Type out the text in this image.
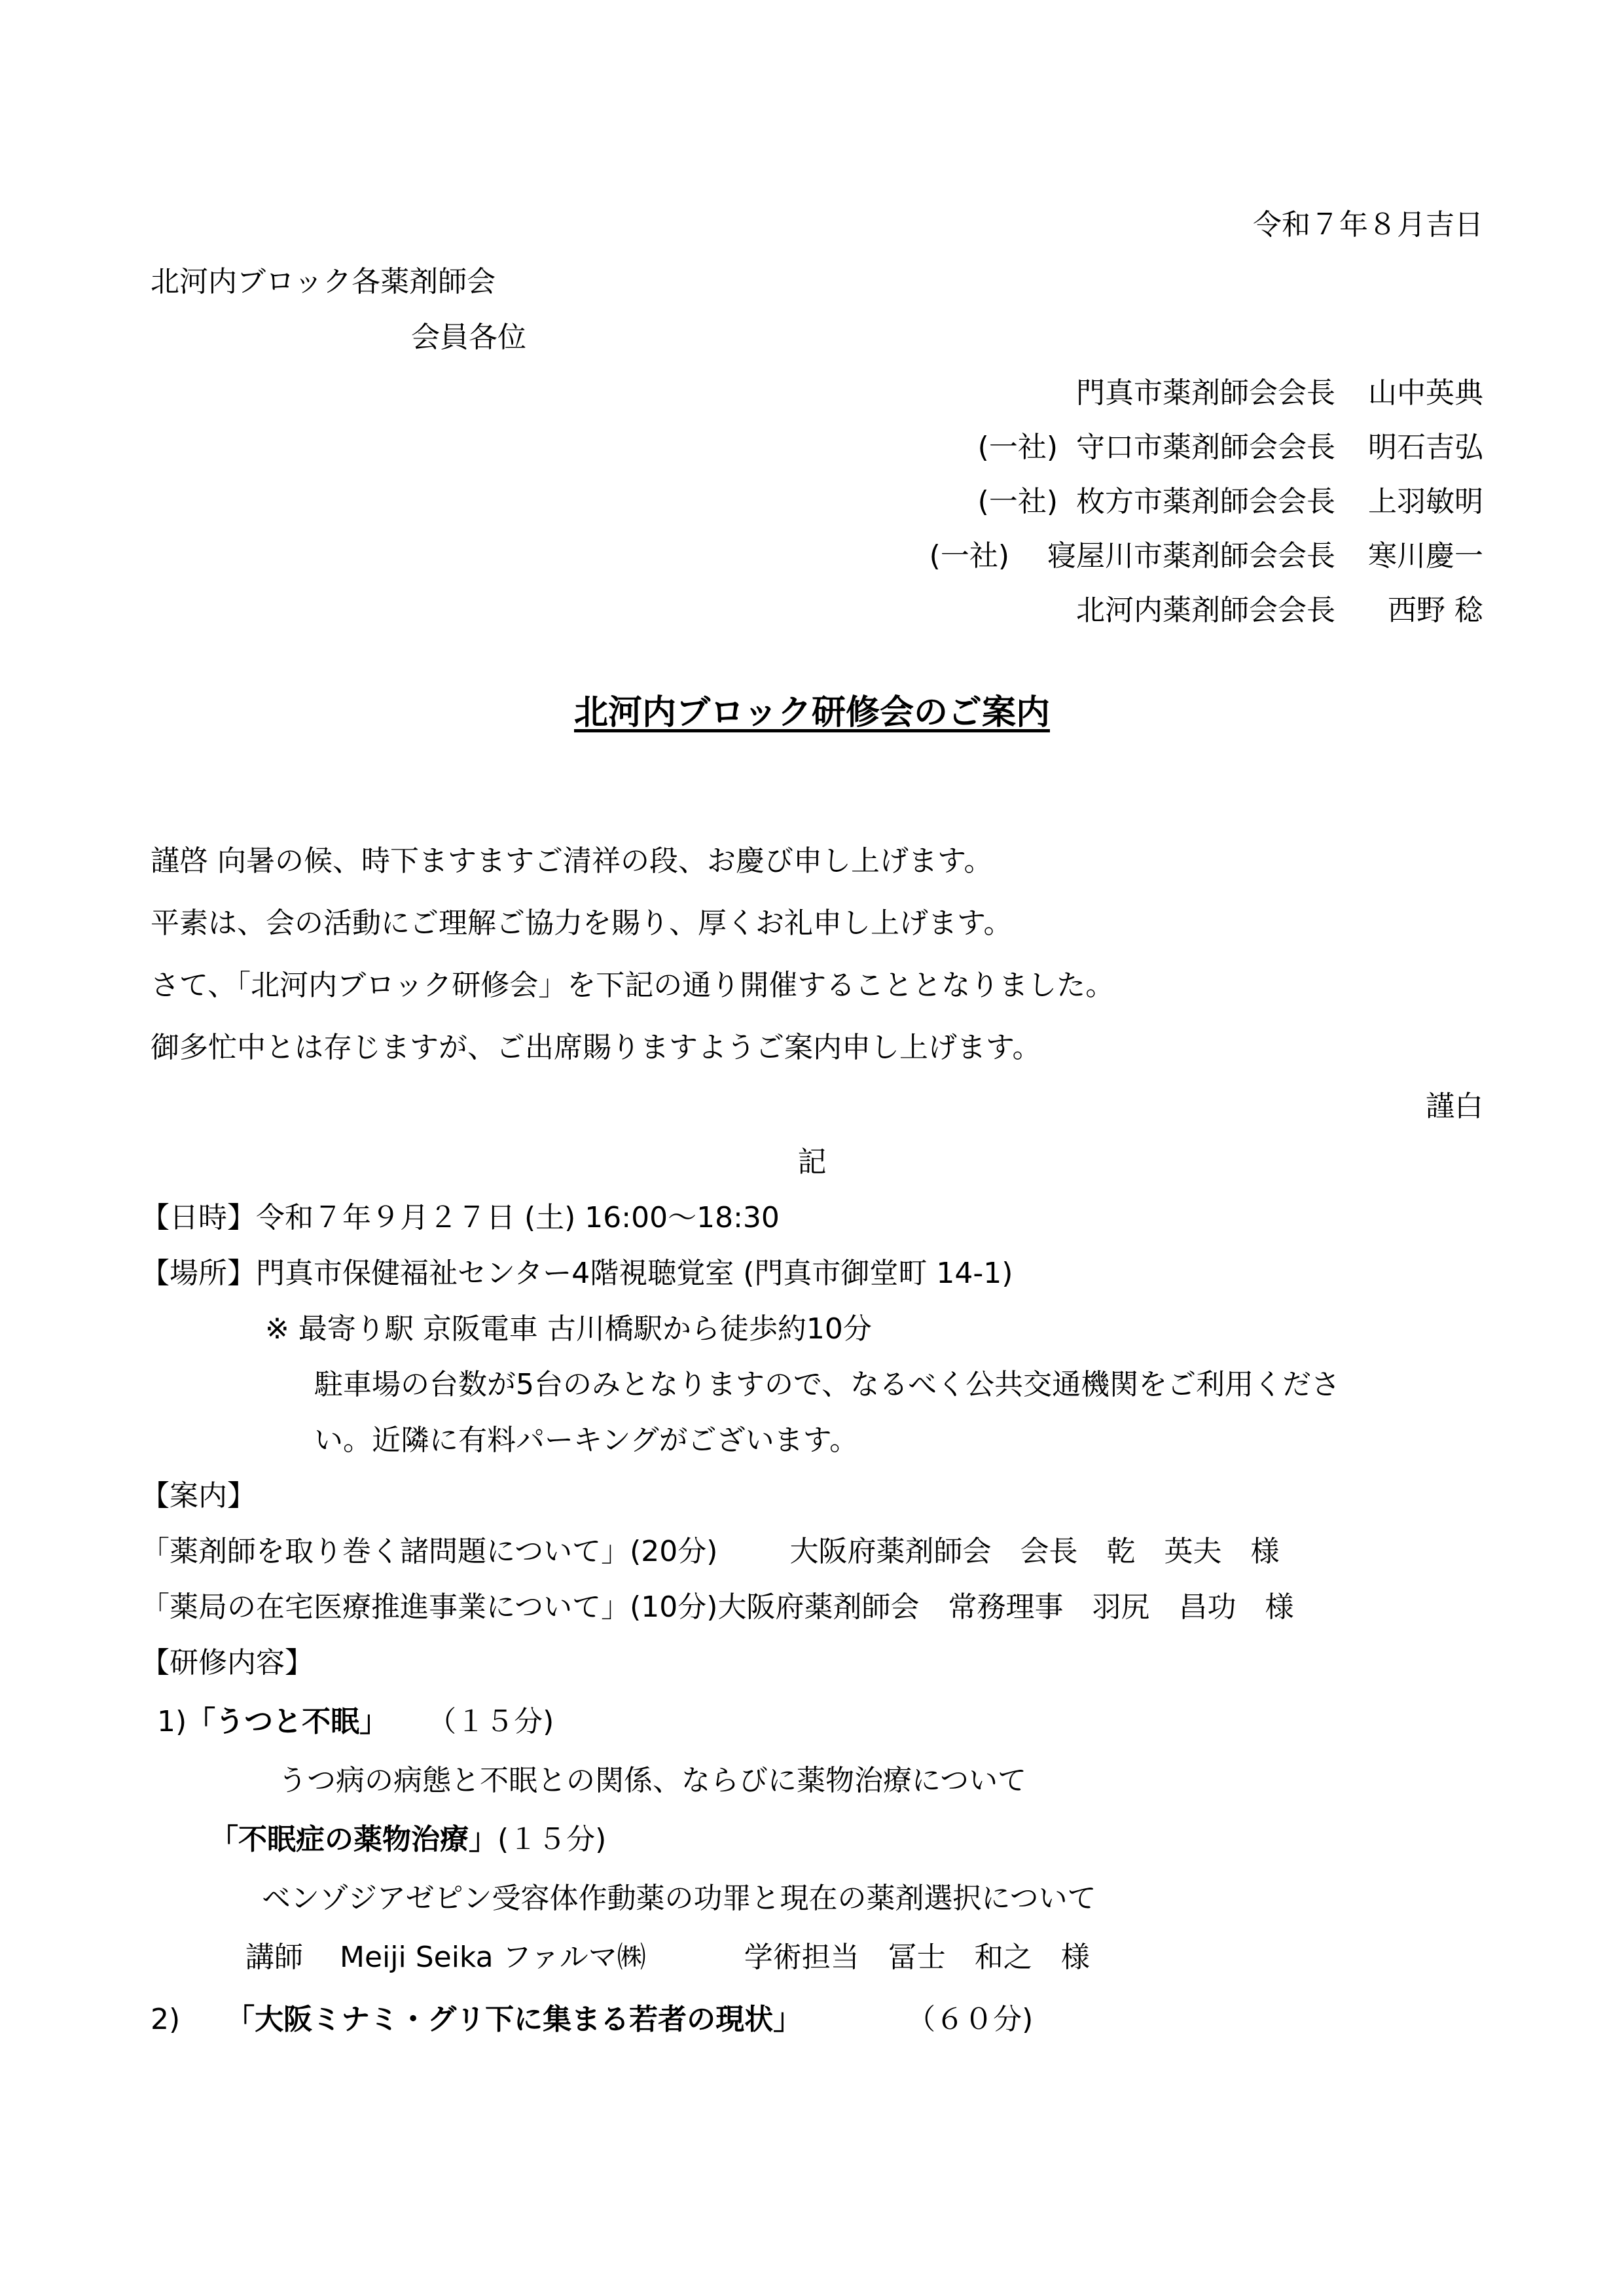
令和７年８月吉日
北河内ブロック各薬剤師会
会員各位
門真市薬剤師会会長 山中英典
(一社) 守口市薬剤師会会長 明石吉弘
(一社) 枚方市薬剤師会会長 上羽敏明
(一社) 寝屋川市薬剤師会会長 寒川慶一
北河内薬剤師会会長 西野 稔
北河内ブロック研修会のご案内
謹啓 向暑の候、時下ますますご清祥の段、お慶び申し上げます。
平素は、会の活動にご理解ご協力を賜り、厚くお礼申し上げます。
さて、「北河内ブロック研修会」を下記の通り開催することとなりました。
御多忙中とは存じますが、ご出席賜りますようご案内申し上げます。
謹白
記
【日時】令和７年９月２７日 (土) 16:00～18:30
【場所】門真市保健福祉センター4階視聴覚室 (門真市御堂町 14-1)
※ 最寄り駅 京阪電車 古川橋駅から徒歩約10分
駐車場の台数が5台のみとなりますので、なるべく公共交通機関をご利用くださ
い。近隣に有料パーキングがございます。
【案内】
「薬剤師を取り巻く諸問題について」(20分)	大阪府薬剤師会　会長　乾　英夫　様
「薬局の在宅医療推進事業について」(10分)大阪府薬剤師会　常務理事　羽尻　昌功　様
【研修内容】
1)「うつと不眠」 （１５分)
うつ病の病態と不眠との関係、ならびに薬物治療について
「不眠症の薬物治療」(１５分)
ベンゾジアゼピン受容体作動薬の功罪と現在の薬剤選択について
講師 Meiji Seika ファルマ㈱	学術担当　冨士　和之　様
2) 「大阪ミナミ・グリ下に集まる若者の現状」	（６０分)
